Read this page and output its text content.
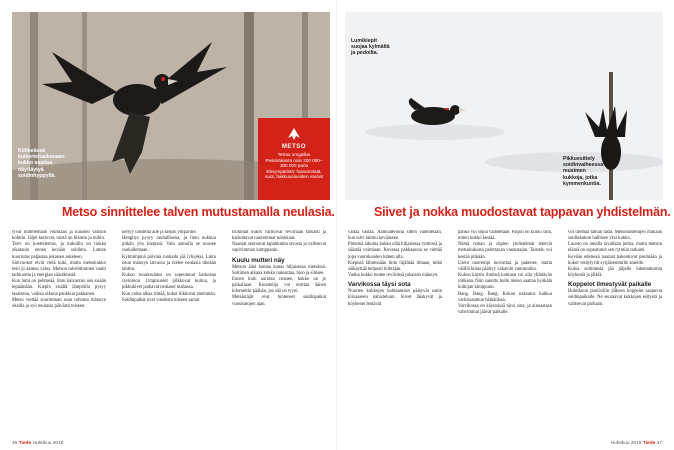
Kiihkeässä
kuikerteluaikanaan
kukko saattaa
näyttäytyä
soidinhyppyllä.
METSO
Tetrao urogallus
Pesimäkanta noin 200 000–300 000 paria
Elinympäristö: havumetsät,
suot, hakkuualueiden reunat
Lumikiepit
suojaa kylmältä
ja pedoilta.
Pikkuesittely
soidinvaiheessa
musimen
kukkoja, jotka
kymmenkuntia.
Metso sinnittelee talven mutustamalla neulasia.	Siivet ja nokka muodostavat tappavan yhdistelmän.

tyvät mittelemään voimiaan ja kuusten välisiin kohtiin. Jäljet kertovat, mistä on liikuttu ja mihin.

Talvi on koettelemus, ja kukoilla on tiukka aikataulu ennen kevään soidinta. Lumen kuorrutus paljastaa jokaisen askeleen.

Sinivuokot eivät vielä kuki, mutta metsokukko etsii jo aamun valoa. Metson talvehtiminen vaatii tarkkuutta ja energian säästämistä.

Kun lumi on pehmeää, lintu kaivautuu sen sisään lepäämään. Kiepin sisällä lämpötila pysyy tasaisena, vaikka ulkona paukkuu pakkanen.

Metso viettää suurimman osan talvesta männyn oksilla ja syö neulasia päivästä toiseen.

kertyy ulosteita alle ja kiepin ympärille.

Hengitys pysyy rauhallisena, ja lintu nukkuu pitkän yön kiepissä. Vain aamulla se nousee ruokailemaan.

Kylmimpinä päivinä ruokailu jää lyhyeksi. Lintu istuu männyn latvassa ja nielee neulasia tiheään tahtiin.

Kukon ruoansulatus on sopeutunut karkeaan ravintoon. Umpisuolet pilkkovat kuitua, ja pikkukivet jauhavat neulaset mahassa.

Kun valoa alkaa riittää, kukot liikkuvat enemmän. Soidinpaikat ovat vuodesta toiseen samat.

Isommat kukot vartioivat reviiriään tarkasti ja karkottavat nuoremmat tulokkaat.

Naaraat seuraavat tapahtumia sivusta ja valitsevat sopivimman kumppanin.

Kuulu mutteri näy

Metson ääni kantaa kauas hiljaisessa metsässä. Soitimen aikana kukko naksuttaa, hioo ja sihisee.

Ennen kuin aurinko nousee, kukko on jo paikallaan. Kuuntelija voi erottaa äänen kilometrin päähän, jos sää on tyyni.

Metsästäjät ovat tunteneet soidinpaikat vuosisatojen ajan.

valtaa vastaa. Aamuaterioita sitten vadelletaan, kun talvi taittuu kevääseen.

Pimeinä aikoina kukko elää hiljaisessa rytmissä ja säästää voimiaan. Kovassa pakkasessa se viettää jopa vuorokauden lumen alla.

Kiepistä lähtiessään lintu räjähtää ilmaan, mikä säikäyttää helposti hiihtäjän.

Vanha kukko tuntee reviirinsä jokaisen männyn.

Varvikossa täysi sota

Nuorten kukkojen kohtaamiset päätyvät usein kiivaaseen nahisteluun. Siivet läiskyvät ja höyhenet lentävät.

pahko voi sopia vaihdetaan. Paljon on kiinni siitä, miten kukko kestää.

Nämä nokan ja siipien yhdistelmät tekevät metsokukosta pelottavan vastustajan. Taistelu voi kestää pitkään.

Usein nuorempi luovuttaa ja pakenee, mutta välillä kiista päättyy vakaviin vammoihin.

Kukon käytös ihmistä kohtaan voi olla yllättävän rohkeaa. Niin sanottu hullu metso saattaa hyökätä kulkijan kimppuun.

Bang. Bang. Bang. Kukon naksutus kaikuu varhaisaamun hämärässä.

Varvikossa on käynnissä täysi sota, ja ainoastaan vahvimmat jäävät paikalle.

voi tilemää tämän tästä. Metsotaistelujen mukaan soidinkukon hallitsee yksi kukko.

Luonto on omalla tavallaan julma, mutta metson elämä on sopeutunut sen rytmiin tarkasti.

Kevään edetessä naaraat hakeutuvat pesimään ja kukot vetäytyvät syrjäisemmille alueille.

Kuloa soitimesta jää jäljelle lukemattomia höyheniä ja jälkiä.

Koppelot ilmestyvät paikalle

Huhtikuun puolivälin jälkeen koppelot saapuvat soidinpaikalle. Ne seuraavat kukkojen esitystä ja valitsevat parhaan.

46 Tiede Huhtikuu 2018	Huhtikuu 2018 Tiede 47
